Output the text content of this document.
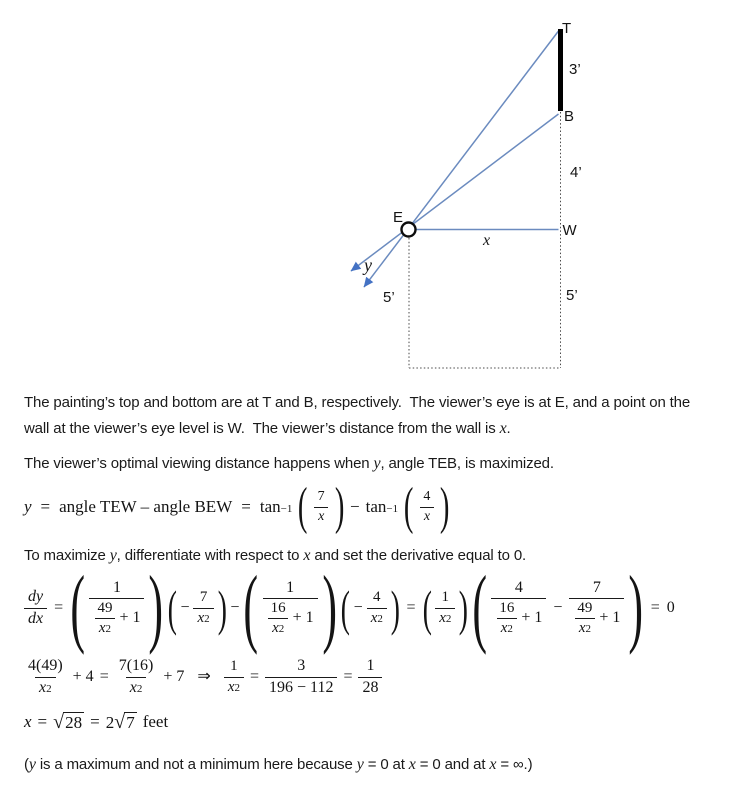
T
B
E
W
3’
4’
5’	5’
x
y

The painting’s top and bottom are at T and B, respectively.  The viewer’s eye is at E, and a point on the
wall at the viewer’s eye level is W.  The viewer’s distance from the wall is x.

The viewer’s optimal viewing distance happens when y, angle TEB, is maximized.

y = angle TEW – angle BEW = tan −1 ( $\frac{7}{x}$ ) − tan −1 ( $\frac{4}{x}$ )

To maximize y, differentiate with respect to x and set the derivative equal to 0.

$\frac{dy}{dx}$ = ( $\frac{1}{\frac{49}{x 2} + 1}$ ) ( − $\frac{7}{x 2}$ ) − ( $\frac{1}{\frac{16}{x 2} + 1}$ ) ( − $\frac{4}{x 2}$ ) = ( $\frac{1}{x 2}$ ) ( $\frac{4}{\frac{16}{x 2} + 1} - \frac{7}{\frac{49}{x 2} + 1}$ ) = 0
$\frac{4(49)}{x 2} + 4 = \frac{7(16)}{x 2} + 7$ ⇒ $\frac{1}{x 2} = \frac{3}{196 - 112} = \frac{1}{28}$
x = √ 28 = 2 √ 7 feet

(y is a maximum and not a minimum here because y = 0 at x = 0 and at x = ∞.)
